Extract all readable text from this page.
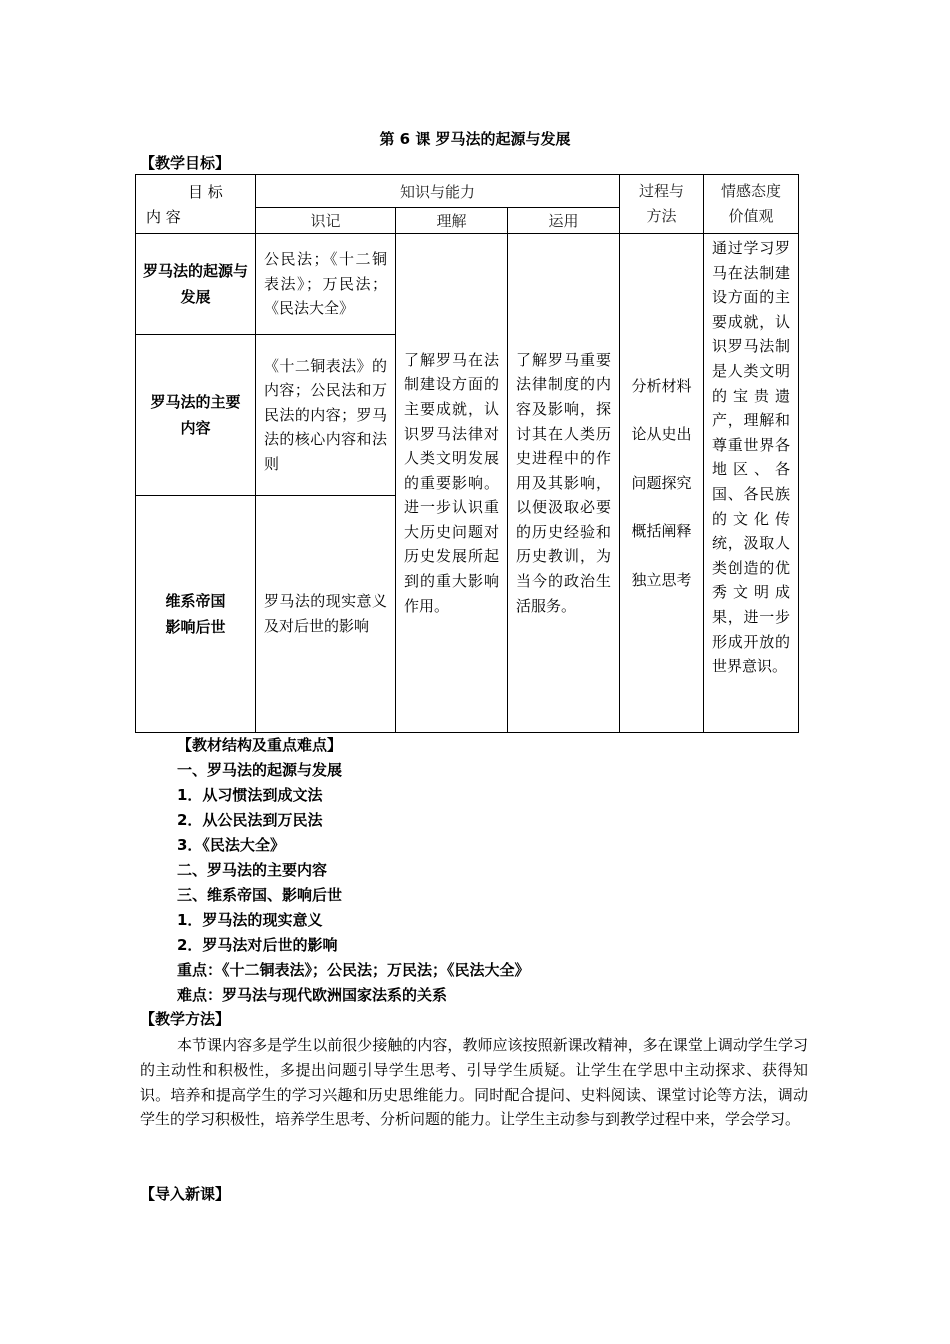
第 6 课 罗马法的起源与发展
【教学目标】
目 标
内 容	知识与能力			过程与方法	情感态度价值观
	识记	理解	运用		
罗马法的起源与发展	公民法；《十二铜表法》；万民法；《民法大全》	了解罗马在法制建设方面的主要成就，认识罗马法律对人类文明发展的重要影响。进一步认识重大历史问题对历史发展所起到的重大影响作用。	了解罗马重要法律制度的内容及影响，探讨其在人类历史进程中的作用及其影响，以便汲取必要的历史经验和历史教训，为当今的政治生活服务。	分析材料
论从史出
问题探究
概括阐释
独立思考	通过学习罗马在法制建设方面的主要成就，认识罗马法制是人类文明的宝贵遗产，理解和尊重世界各地区、各国、各民族的文化传统，汲取人类创造的优秀文明成果，进一步形成开放的世界意识。
罗马法的主要内容	《十二铜表法》的内容；公民法和万民法的内容；罗马法的核心内容和法则				
维系帝国影响后世	罗马法的现实意义及对后世的影响				
【教材结构及重点难点】
一、罗马法的起源与发展
1．从习惯法到成文法
2．从公民法到万民法
3．《民法大全》
二、罗马法的主要内容
三、维系帝国、影响后世
1．罗马法的现实意义
2．罗马法对后世的影响
重点：《十二铜表法》；公民法；万民法；《民法大全》
难点：罗马法与现代欧洲国家法系的关系
【教学方法】
本节课内容多是学生以前很少接触的内容，教师应该按照新课改精神，多在课堂上调动学生学习的主动性和积极性，多提出问题引导学生思考、引导学生质疑。让学生在学思中主动探求、获得知识。培养和提高学生的学习兴趣和历史思维能力。同时配合提问、史料阅读、课堂讨论等方法，调动学生的学习积极性，培养学生思考、分析问题的能力。让学生主动参与到教学过程中来，学会学习。
【导入新课】
